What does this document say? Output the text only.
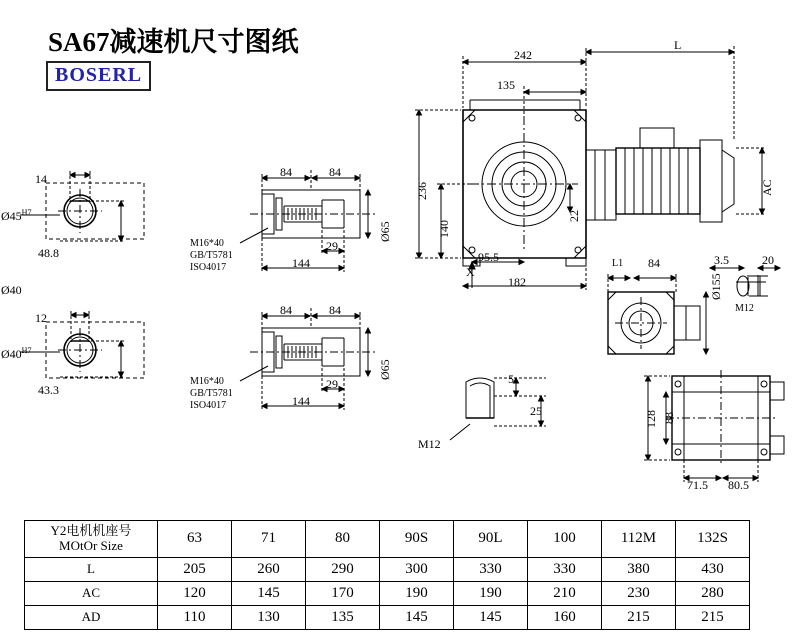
SA67减速机尺寸图纸
BOSERL
14
$Ø45^{H7}$
48.8
Ø40
12
$Ø40^{H7}$
43.3
84	84
29
144
Ø65
M16*40
GB/T5781
ISO4017
84	84
29
144
Ø65
M16*40
GB/T5781
ISO4017
242
L
135
236
140
22
AC
95.5
182
X
L1 84	3.5	20
Ø155
M12
5
25
M12
128 88
71.5 80.5
Y2电机机座号
MOtOr Size	63	71	80	90S	90L	100	112M	132S
L	205	260	290	300	330	330	380	430
AC	120	145	170	190	190	210	230	280
AD	110	130	135	145	145	160	215	215
